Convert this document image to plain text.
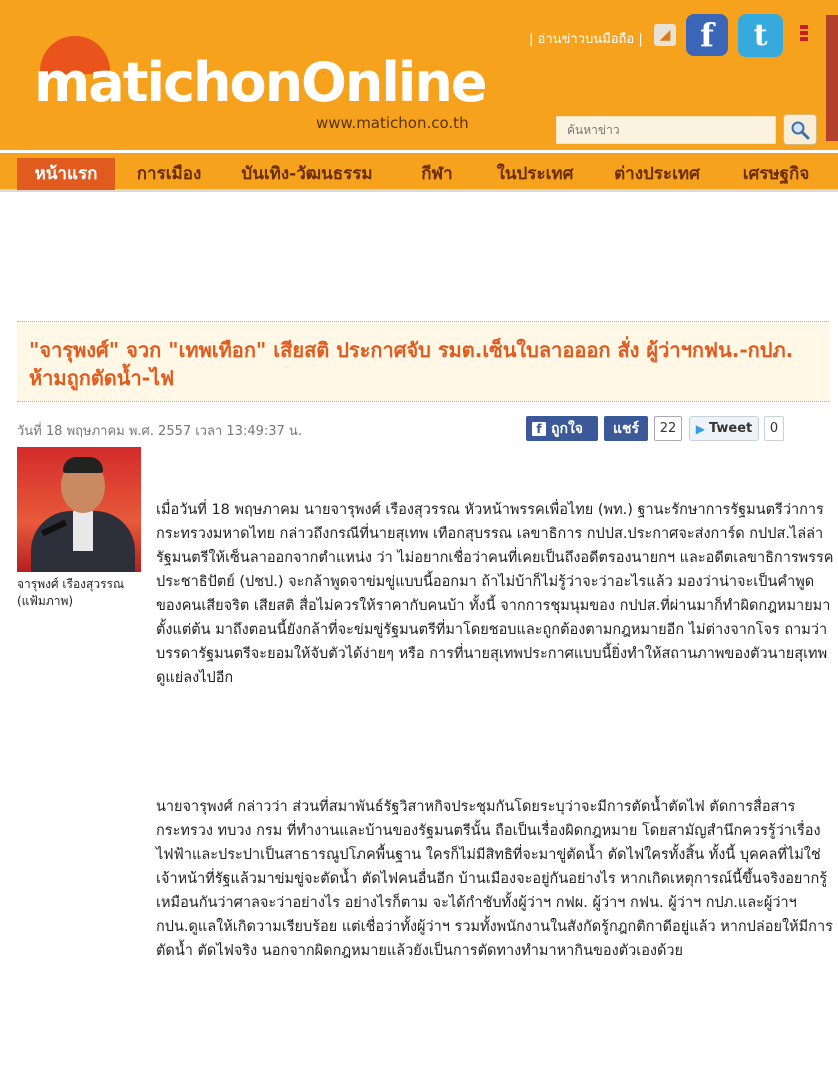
matichonOnline
www.matichon.co.th
| อ่านข่าวบนมือถือ |	◢ f	t
ค้นหาข่าว
หน้าแรก	การเมือง	บันเทิง-วัฒนธรรม	กีฬา	ในประเทศ	ต่างประเทศ	เศรษฐกิจ
"จารุพงศ์" จวก "เทพเทือก" เสียสติ ประกาศจับ รมต.เซ็นใบลาอออก สั่ง ผู้ว่าฯกฟน.-กปภ. ห้ามถูกตัดน้ำ-ไฟ
วันที่ 18 พฤษภาคม พ.ศ. 2557 เวลา 13:49:37 น.	f ถูกใจ	แชร์	22	▶ Tweet	0
จารุพงศ์ เรืองสุวรรณ (แฟ้มภาพ)
เมื่อวันที่ 18 พฤษภาคม นายจารุพงศ์ เรืองสุวรรณ หัวหน้าพรรคเพื่อไทย (พท.) ฐานะรักษาการรัฐมนตรีว่าการกระทรวงมหาดไทย กล่าวถึงกรณีที่นายสุเทพ เทือกสุบรรณ เลขาธิการ กปปส.ประกาศจะส่งการ์ด กปปส.ไล่ล่ารัฐมนตรีให้เซ็นลาออกจากตำแหน่ง ว่า ไม่อยากเชื่อว่าคนที่เคยเป็นถึงอดีตรองนายกฯ และอดีตเลขาธิการพรรคประชาธิปัตย์ (ปชป.) จะกล้าพูดจาข่มขู่แบบนี้ออกมา ถ้าไม่บ้าก็ไม่รู้ว่าจะว่าอะไรแล้ว มองว่าน่าจะเป็นคำพูดของคนเสียจริต เสียสติ สื่อไม่ควรให้ราคากับคนบ้า ทั้งนี้ จากการชุมนุมของ กปปส.ที่ผ่านมาก็ทำผิดกฎหมายมาตั้งแต่ต้น มาถึงตอนนี้ยังกล้าที่จะข่มขู่รัฐมนตรีที่มาโดยชอบและถูกต้องตามกฎหมายอีก ไม่ต่างจากโจร ถามว่าบรรดารัฐมนตรีจะยอมให้จับตัวได้ง่ายๆ หรือ การที่นายสุเทพประกาศแบบนี้ยิ่งทำให้สถานภาพของตัวนายสุเทพดูแย่ลงไปอีก
นายจารุพงศ์ กล่าวว่า ส่วนที่สมาพันธ์รัฐวิสาหกิจประชุมกันโดยระบุว่าจะมีการตัดน้ำตัดไฟ ตัดการสื่อสารกระทรวง ทบวง กรม ที่ทำงานและบ้านของรัฐมนตรีนั้น ถือเป็นเรื่องผิดกฎหมาย โดยสามัญสำนึกควรรู้ว่าเรื่องไฟฟ้าและประปาเป็นสาธารณูปโภคพื้นฐาน ใครก็ไม่มีสิทธิที่จะมาขู่ตัดน้ำ ตัดไฟใครทั้งสิ้น ทั้งนี้ บุคคลที่ไม่ใช่เจ้าหน้าที่รัฐแล้วมาข่มขู่จะตัดน้ำ ตัดไฟคนอื่นอีก บ้านเมืองจะอยู่กันอย่างไร หากเกิดเหตุการณ์นี้ขึ้นจริงอยากรู้เหมือนกันว่าศาลจะว่าอย่างไร อย่างไรก็ตาม จะได้กำชับทั้งผู้ว่าฯ กฟผ. ผู้ว่าฯ กฟน. ผู้ว่าฯ กปภ.และผู้ว่าฯ กปน.ดูแลให้เกิดวามเรียบร้อย แต่เชื่อว่าทั้งผู้ว่าฯ รวมทั้งพนักงานในสังกัดรู้กฎกติกาดีอยู่แล้ว หากปล่อยให้มีการตัดน้ำ ตัดไฟจริง นอกจากผิดกฎหมายแล้วยังเป็นการตัดทางทำมาหากินของตัวเองด้วย
